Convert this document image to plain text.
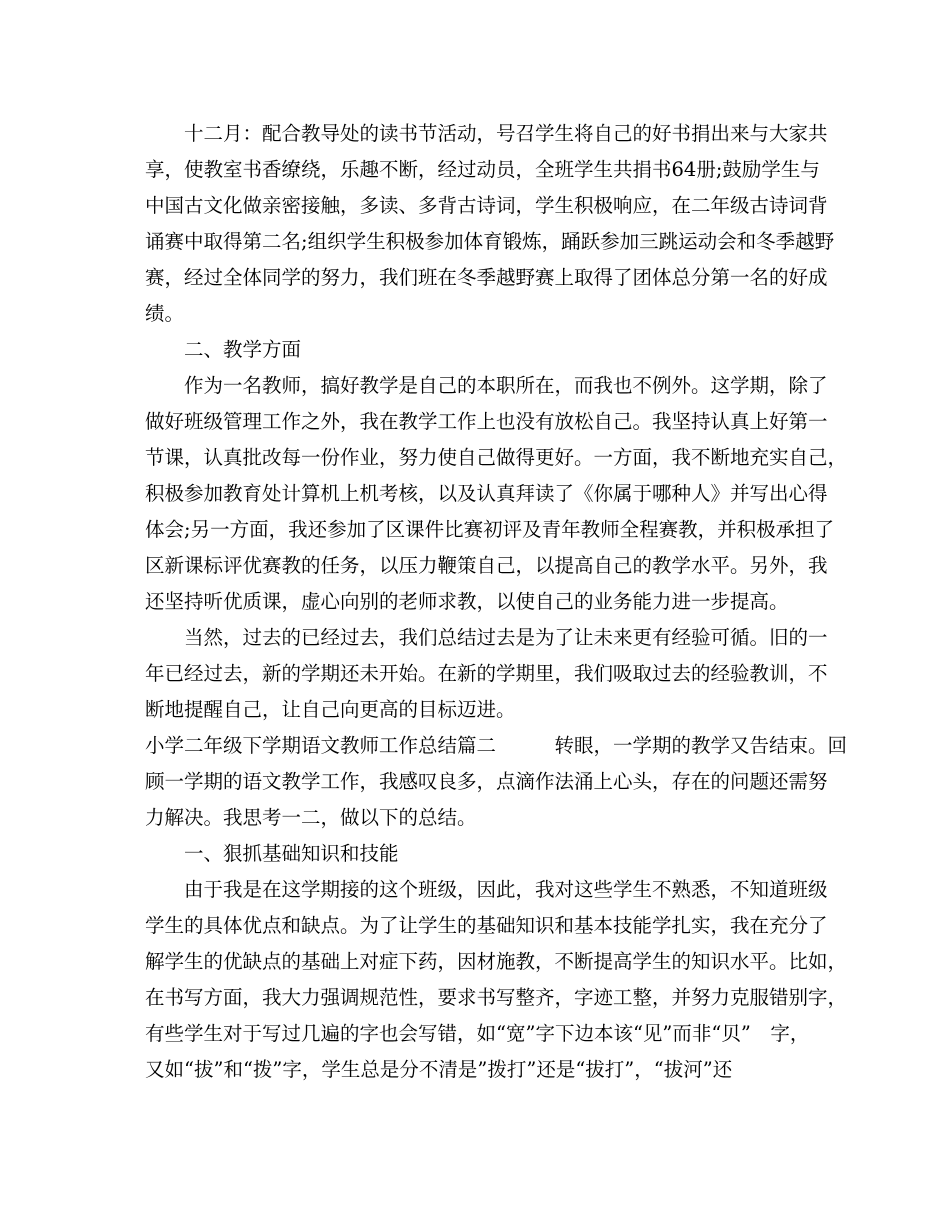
　　十二月：配合教导处的读书节活动，号召学生将自己的好书捐出来与大家共
享，使教室书香缭绕，乐趣不断，经过动员，全班学生共捐书64册;鼓励学生与
中国古文化做亲密接触，多读、多背古诗词，学生积极响应，在二年级古诗词背
诵赛中取得第二名;组织学生积极参加体育锻炼，踊跃参加三跳运动会和冬季越野
赛，经过全体同学的努力，我们班在冬季越野赛上取得了团体总分第一名的好成
绩。
　　二、教学方面
　　作为一名教师，搞好教学是自己的本职所在，而我也不例外。这学期，除了
做好班级管理工作之外，我在教学工作上也没有放松自己。我坚持认真上好第一
节课，认真批改每一份作业，努力使自己做得更好。一方面，我不断地充实自己，
积极参加教育处计算机上机考核，以及认真拜读了《你属于哪种人》并写出心得
体会;另一方面，我还参加了区课件比赛初评及青年教师全程赛教，并积极承担了
区新课标评优赛教的任务，以压力鞭策自己，以提高自己的教学水平。另外，我
还坚持听优质课，虚心向别的老师求教，以使自己的业务能力进一步提高。
　　当然，过去的已经过去，我们总结过去是为了让未来更有经验可循。旧的一
年已经过去，新的学期还未开始。在新的学期里，我们吸取过去的经验教训，不
断地提醒自己，让自己向更高的目标迈进。
小学二年级下学期语文教师工作总结篇二　　　转眼，一学期的教学又告结束。回
顾一学期的语文教学工作，我感叹良多，点滴作法涌上心头，存在的问题还需努
力解决。我思考一二，做以下的总结。
　　一、狠抓基础知识和技能
　　由于我是在这学期接的这个班级，因此，我对这些学生不熟悉，不知道班级
学生的具体优点和缺点。为了让学生的基础知识和基本技能学扎实，我在充分了
解学生的优缺点的基础上对症下药，因材施教，不断提高学生的知识水平。比如，
在书写方面，我大力强调规范性，要求书写整齐，字迹工整，并努力克服错别字，
有些学生对于写过几遍的字也会写错，如“宽”字下边本该“见”而非“贝”　字，
又如“拔”和“拨”字，学生总是分不清是”拨打”还是“拔打”，“拔河”还
